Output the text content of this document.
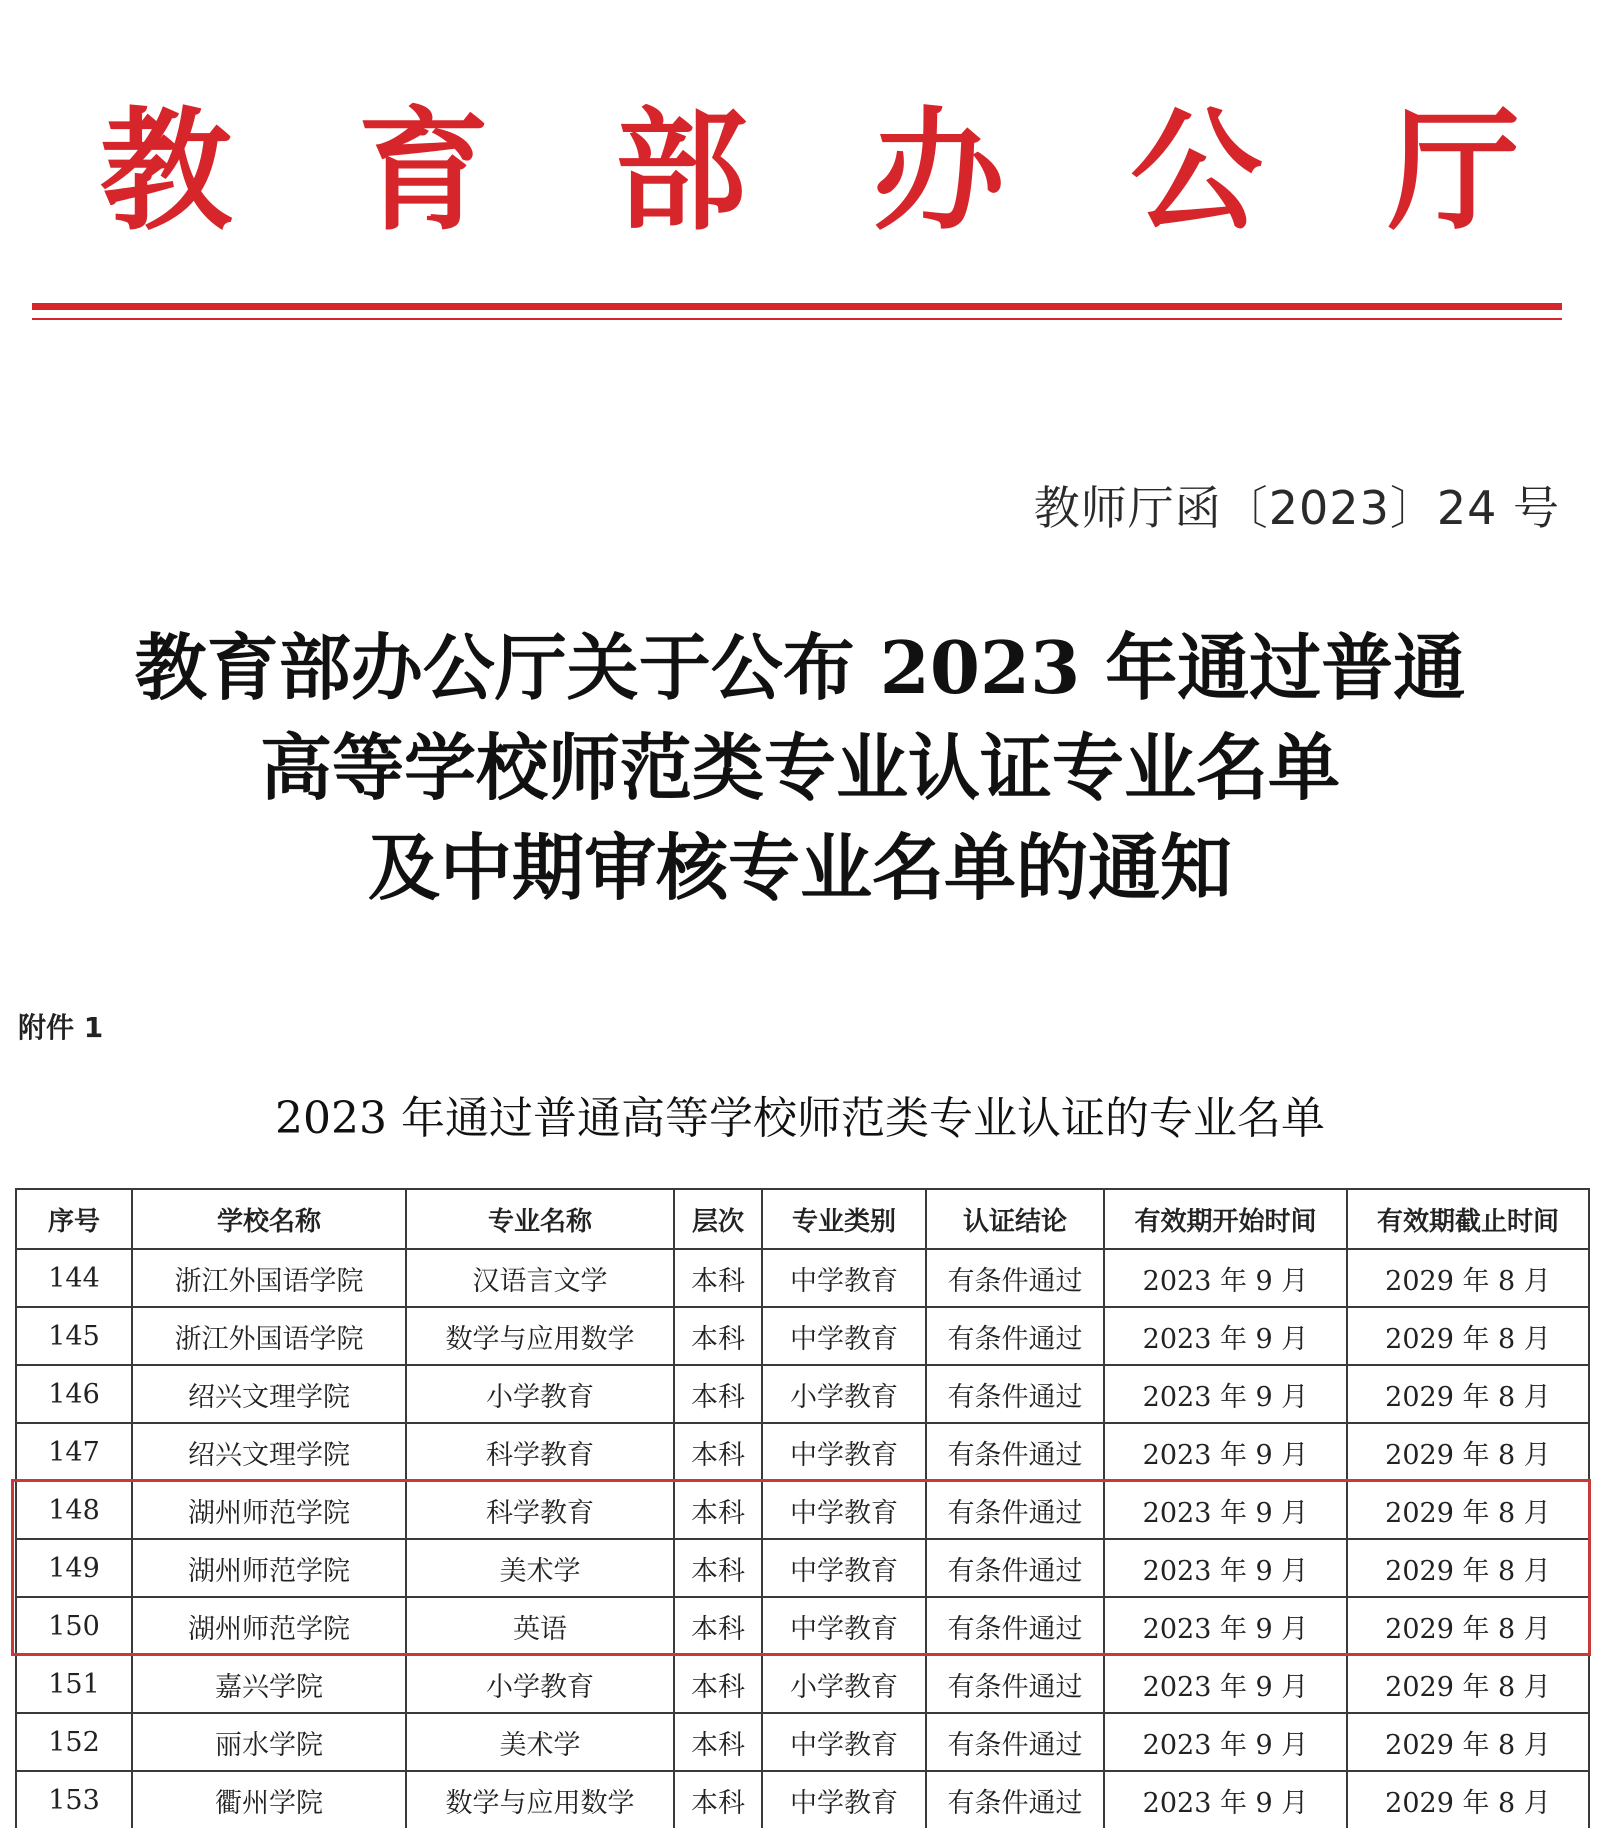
教 育 部 办 公 厅
教师厅函〔2023〕24 号
教育部办公厅关于公布 2023 年通过普通
高等学校师范类专业认证专业名单
及中期审核专业名单的通知
附件 1
2023 年通过普通高等学校师范类专业认证的专业名单
序号	学校名称	专业名称	层次	专业类别	认证结论	有效期开始时间	有效期截止时间
144	浙江外国语学院	汉语言文学	本科	中学教育	有条件通过	2023 年 9 月	2029 年 8 月
145	浙江外国语学院	数学与应用数学	本科	中学教育	有条件通过	2023 年 9 月	2029 年 8 月
146	绍兴文理学院	小学教育	本科	小学教育	有条件通过	2023 年 9 月	2029 年 8 月
147	绍兴文理学院	科学教育	本科	中学教育	有条件通过	2023 年 9 月	2029 年 8 月
148	湖州师范学院	科学教育	本科	中学教育	有条件通过	2023 年 9 月	2029 年 8 月
149	湖州师范学院	美术学	本科	中学教育	有条件通过	2023 年 9 月	2029 年 8 月
150	湖州师范学院	英语	本科	中学教育	有条件通过	2023 年 9 月	2029 年 8 月
151	嘉兴学院	小学教育	本科	小学教育	有条件通过	2023 年 9 月	2029 年 8 月
152	丽水学院	美术学	本科	中学教育	有条件通过	2023 年 9 月	2029 年 8 月
153	衢州学院	数学与应用数学	本科	中学教育	有条件通过	2023 年 9 月	2029 年 8 月
